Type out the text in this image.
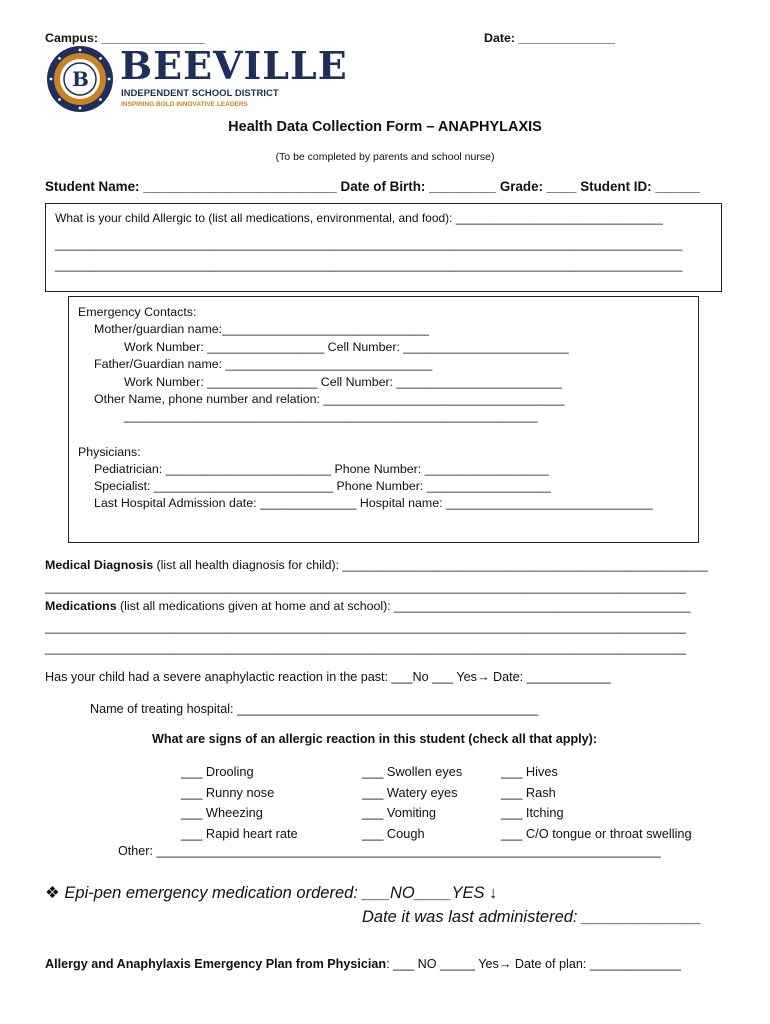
Campus: _______________	Date: ______________
B BEEVILLE
INDEPENDENT SCHOOL DISTRICT
INSPIRING BOLD INNOVATIVE LEADERS
Health Data Collection Form – ANAPHYLAXIS
(To be completed by parents and school nurse)
Student Name: __________________________ Date of Birth: _________ Grade: ____ Student ID: ______
What is your child Allergic to (list all medications, environmental, and food): _______________________________
______________________________________________________________________________________________
______________________________________________________________________________________________
Emergency Contacts:
Mother/guardian name:______________________________
Work Number: _________________ Cell Number: ________________________
Father/Guardian name: ______________________________
Work Number: ________________ Cell Number: ________________________
Other Name, phone number and relation: ___________________________________
____________________________________________________________
Physicians:
Pediatrician: ________________________ Phone Number: __________________
Specialist: __________________________ Phone Number: __________________
Last Hospital Admission date: ______________ Hospital name: ______________________________
Medical Diagnosis (list all health diagnosis for child): _____________________________________________________
_____________________________________________________________________________________________
Medications (list all medications given at home and at school): ___________________________________________
_____________________________________________________________________________________________
_____________________________________________________________________________________________
Has your child had a severe anaphylactic reaction in the past: ___No ___ Yes→ Date: ____________
Name of treating hospital: ___________________________________________
What are signs of an allergic reaction in this student (check all that apply):
___ Drooling
___ Runny nose
___ Wheezing
___ Rapid heart rate
___ Swollen eyes
___ Watery eyes
___ Vomiting
___ Cough
___ Hives
___ Rash
___ Itching
___ C/O tongue or throat swelling
Other: ________________________________________________________________________
❖ Epi-pen emergency medication ordered: ___NO____YES ↓
Date it was last administered: _____________
Allergy and Anaphylaxis Emergency Plan from Physician: ___ NO _____ Yes→ Date of plan: _____________
